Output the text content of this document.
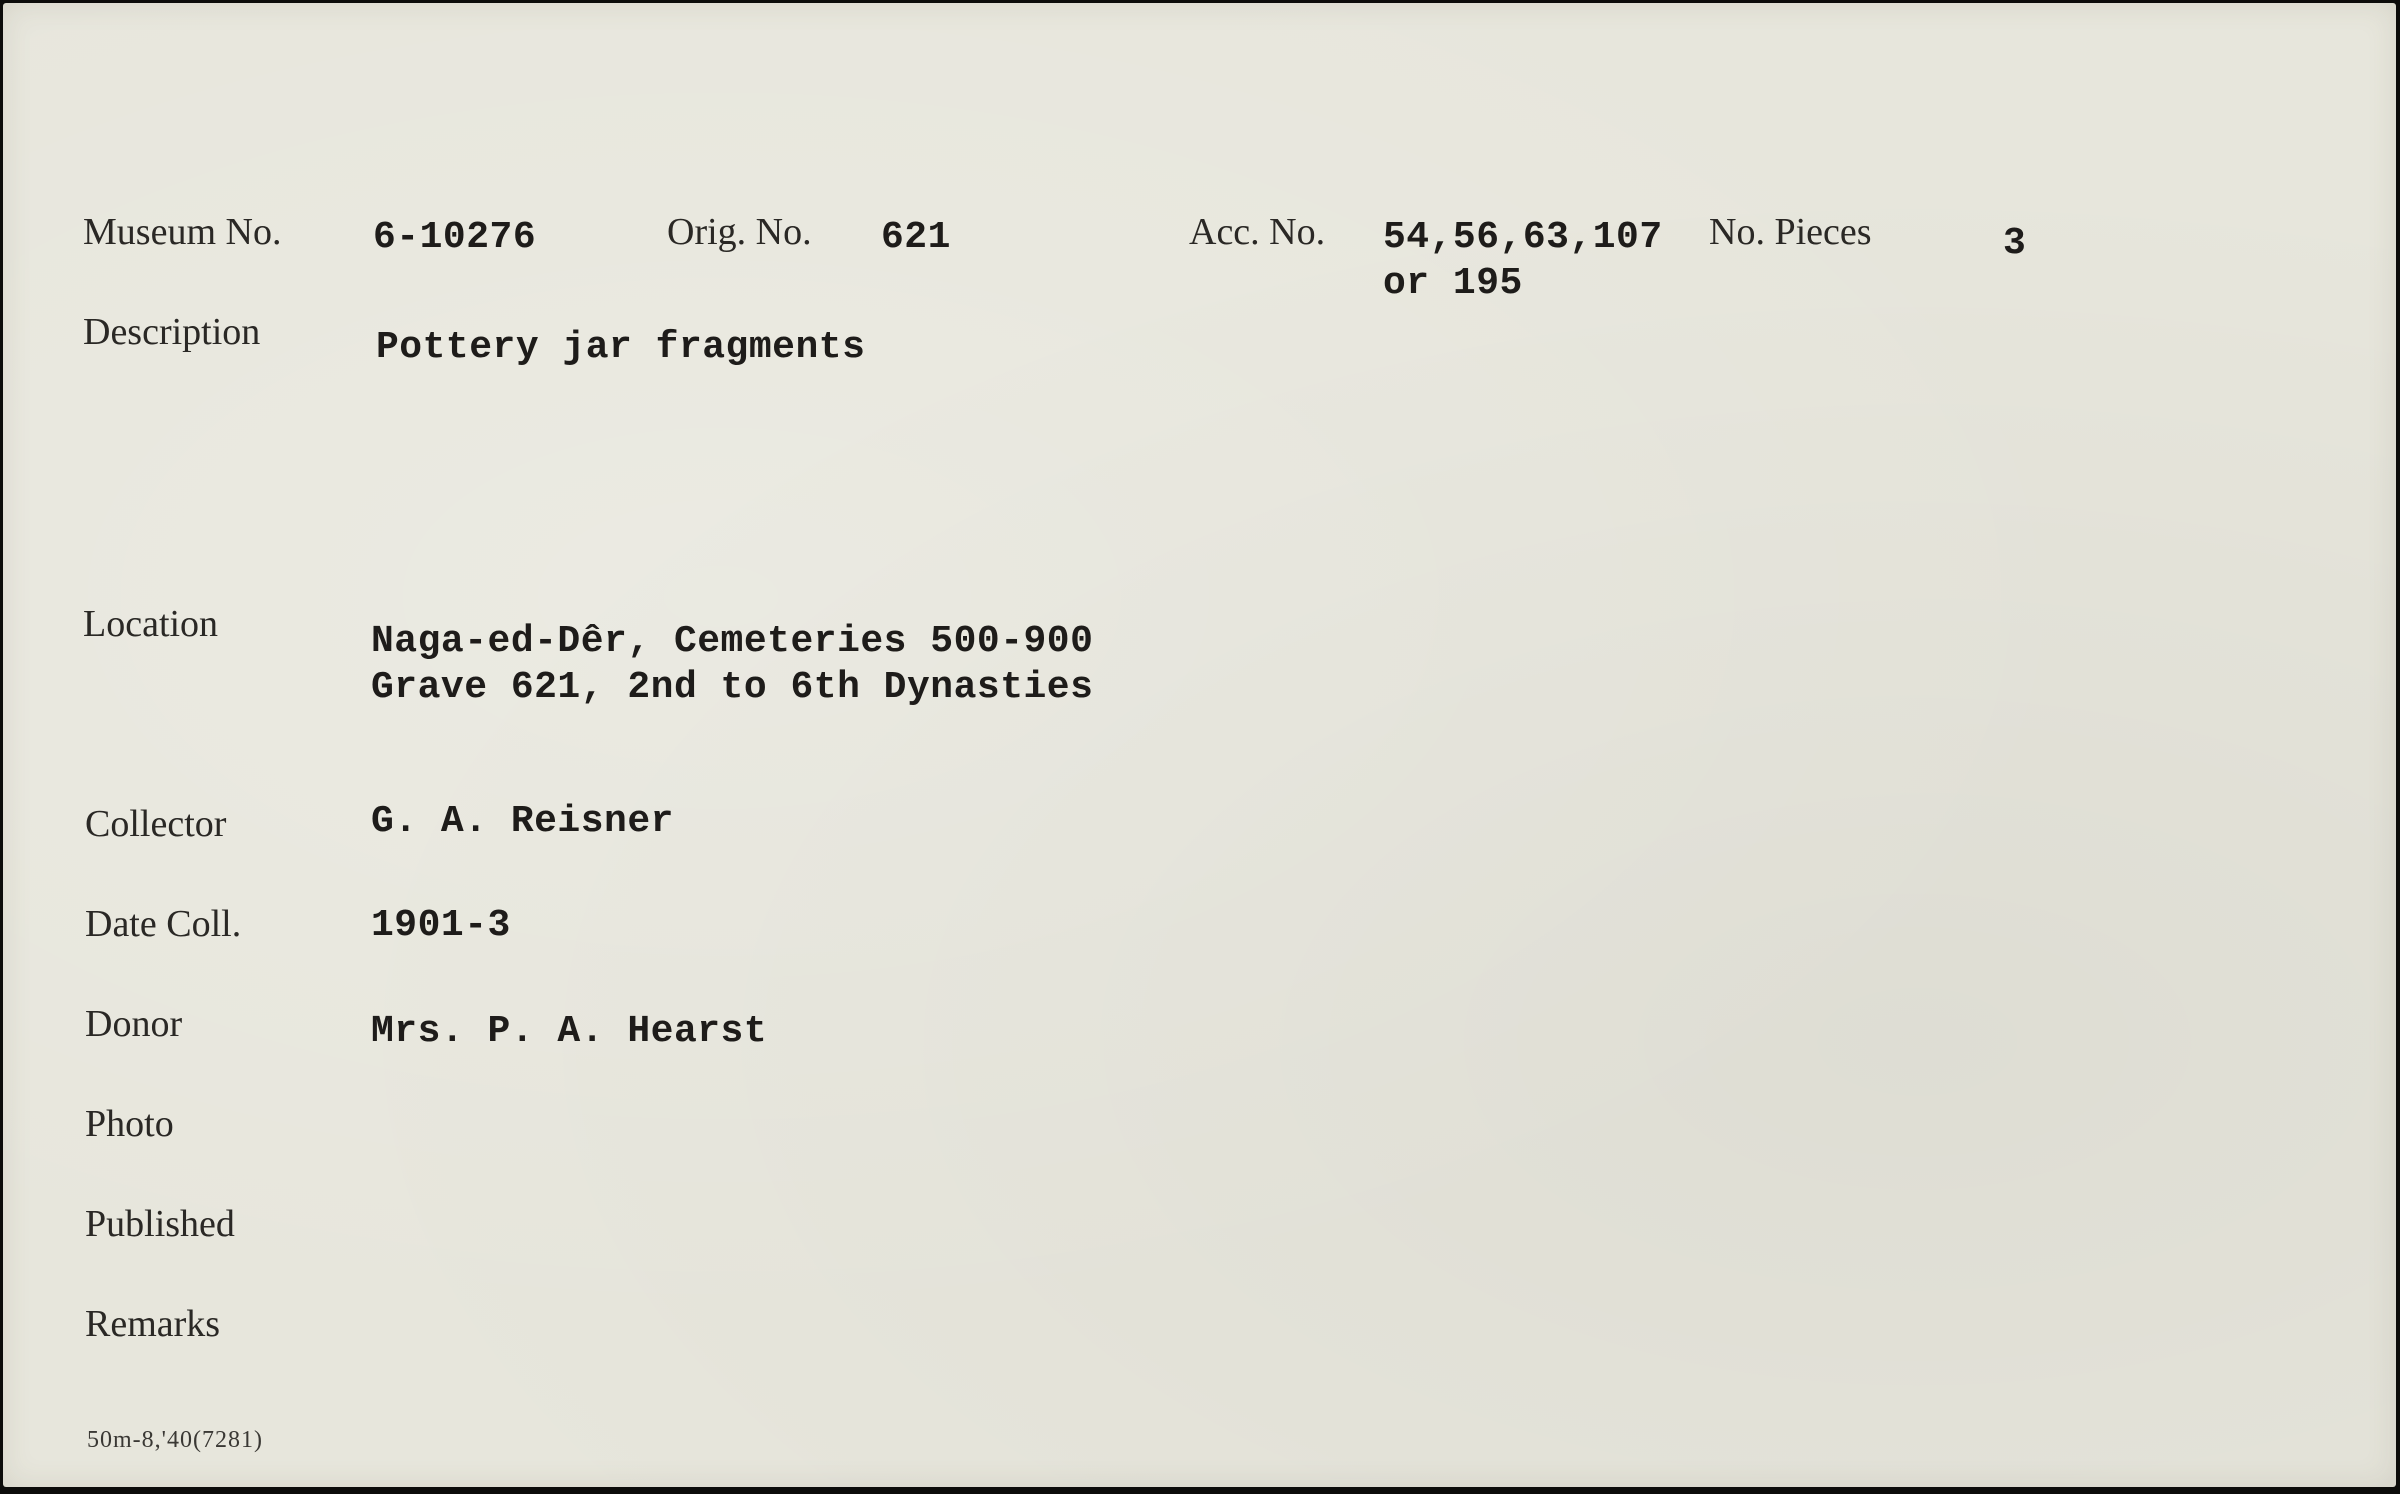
Museum No. 6-10276	Orig. No. 621	Acc. No. 54,56,63,107
or 195
No. Pieces	3
Description	Pottery jar fragments
Location	Naga-ed-Dêr, Cemeteries 500-900
Grave 621, 2nd to 6th Dynasties
Collector	G. A. Reisner
Date Coll.	1901-3
Donor	Mrs. P. A. Hearst
Photo
Published
Remarks
50m-8,'40(7281)
